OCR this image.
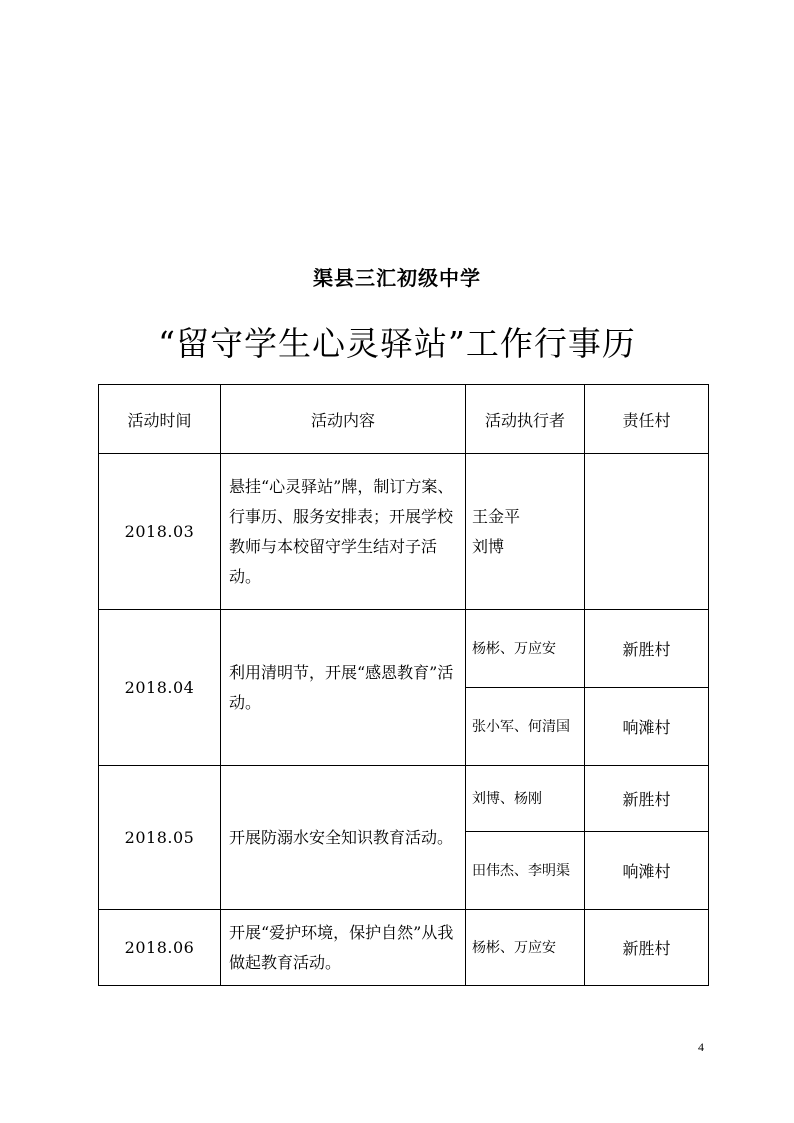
渠县三汇初级中学
“留守学生心灵驿站”工作行事历
活动时间	活动内容	活动执行者	责任村
2018.03	悬挂“心灵驿站”牌，制订方案、行事历、服务安排表；开展学校教师与本校留守学生结对子活动。	王金平
刘博	
2018.04	利用清明节，开展“感恩教育”活动。	杨彬、万应安	新胜村
		张小军、何清国	响滩村
2018.05	开展防溺水安全知识教育活动。	刘博、杨刚	新胜村
		田伟杰、李明渠	响滩村
2018.06	开展“爱护环境，保护自然”从我做起教育活动。	杨彬、万应安	新胜村
4
